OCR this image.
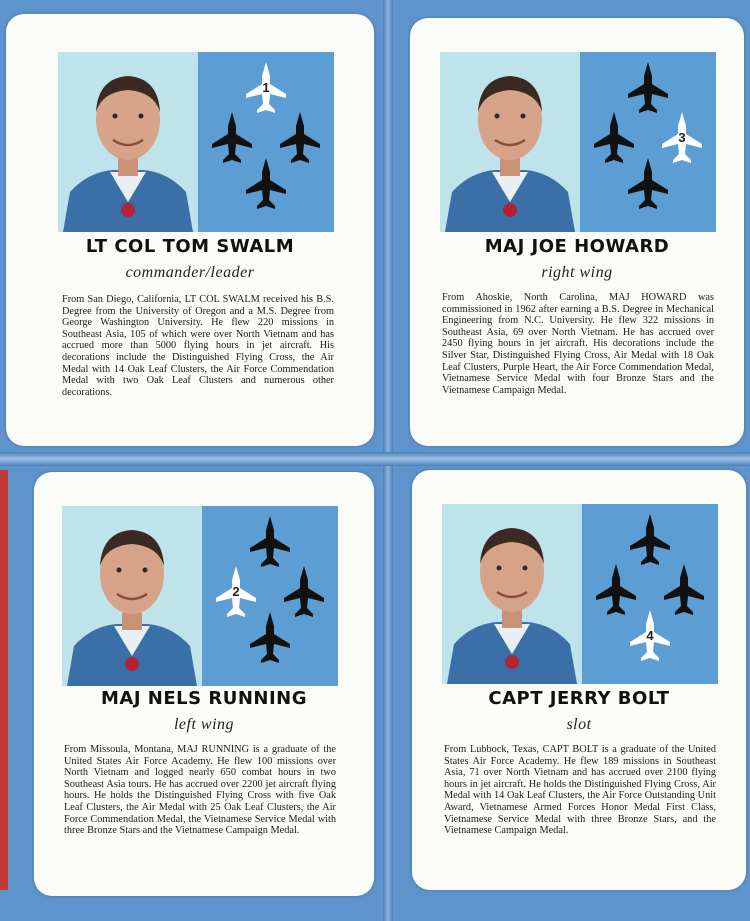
1
LT COL TOM SWALM
commander/leader
From San Diego, California, LT COL SWALM received his B.S. Degree from the University of Oregon and a M.S. Degree from George Washington University. He flew 220 missions in Southeast Asia, 105 of which were over North Vietnam and has accrued more than 5000 flying hours in jet aircraft. His decorations include the Distinguished Flying Cross, the Air Medal with 14 Oak Leaf Clusters, the Air Force Commendation Medal with two Oak Leaf Clusters and numerous other decorations.
3
MAJ JOE HOWARD
right wing
From Ahoskie, North Carolina, MAJ HOWARD was commissioned in 1962 after earning a B.S. Degree in Mechanical Engineering from N.C. University. He flew 322 missions in Southeast Asia, 69 over North Vietnam. He has accrued over 2450 flying hours in jet aircraft. His decorations include the Silver Star, Distinguished Flying Cross, Air Medal with 18 Oak Leaf Clusters, Purple Heart, the Air Force Commendation Medal, Vietnamese Service Medal with four Bronze Stars and the Vietnamese Campaign Medal.
2
MAJ NELS RUNNING
left wing
From Missoula, Montana, MAJ RUNNING is a graduate of the United States Air Force Academy. He flew 100 missions over North Vietnam and logged nearly 650 combat hours in two Southeast Asia tours. He has accrued over 2200 jet aircraft flying hours. He holds the Distinguished Flying Cross with five Oak Leaf Clusters, the Air Medal with 25 Oak Leaf Clusters, the Air Force Commendation Medal, the Vietnamese Service Medal with three Bronze Stars and the Vietnamese Campaign Medal.
4
CAPT JERRY BOLT
slot
From Lubbock, Texas, CAPT BOLT is a graduate of the United States Air Force Academy. He flew 189 missions in Southeast Asia, 71 over North Vietnam and has accrued over 2100 flying hours in jet aircraft. He holds the Distinguished Flying Cross, Air Medal with 14 Oak Leaf Clusters, the Air Force Outstanding Unit Award, Vietnamese Armed Forces Honor Medal First Class, Vietnamese Service Medal with three Bronze Stars, and the Vietnamese Campaign Medal.
